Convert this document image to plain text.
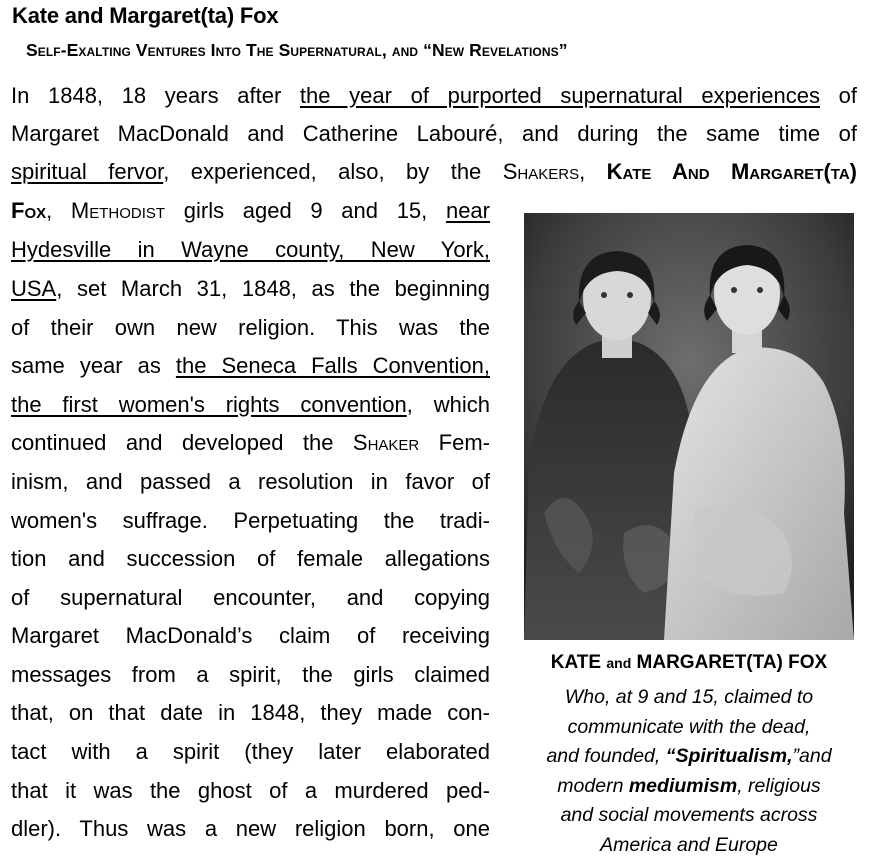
Kate and Margaret(ta) Fox
Self-Exalting Ventures Into The Supernatural, and “New Revelations”
In 1848, 18 years after the year of purported supernatural experiences of
Margaret MacDonald and Catherine Labouré, and during the same time of
spiritual fervor, experienced, also, by the Shakers, Kate And Margaret(ta)
Fox, Methodist girls aged 9 and 15, near
Hydesville in Wayne county, New York,
USA, set March 31, 1848, as the beginning
of their own new religion. This was the
same year as the Seneca Falls Convention,
the first women's rights convention, which
continued and developed the Shaker Fem-
inism, and passed a resolution in favor of
women's suffrage. Perpetuating the tradi-
tion and succession of female allegations
of supernatural encounter, and copying
Margaret MacDonald’s claim of receiving
messages from a spirit, the girls claimed
that, on that date in 1848, they made con-
tact with a spirit (they later elaborated
that it was the ghost of a murdered ped-
dler). Thus was a new religion born, one
KATE and MARGARET(TA) FOX
Who, at 9 and 15, claimed to
communicate with the dead,
and founded, “Spiritualism,”and
modern mediumism, religious
and social movements across
America and Europe
